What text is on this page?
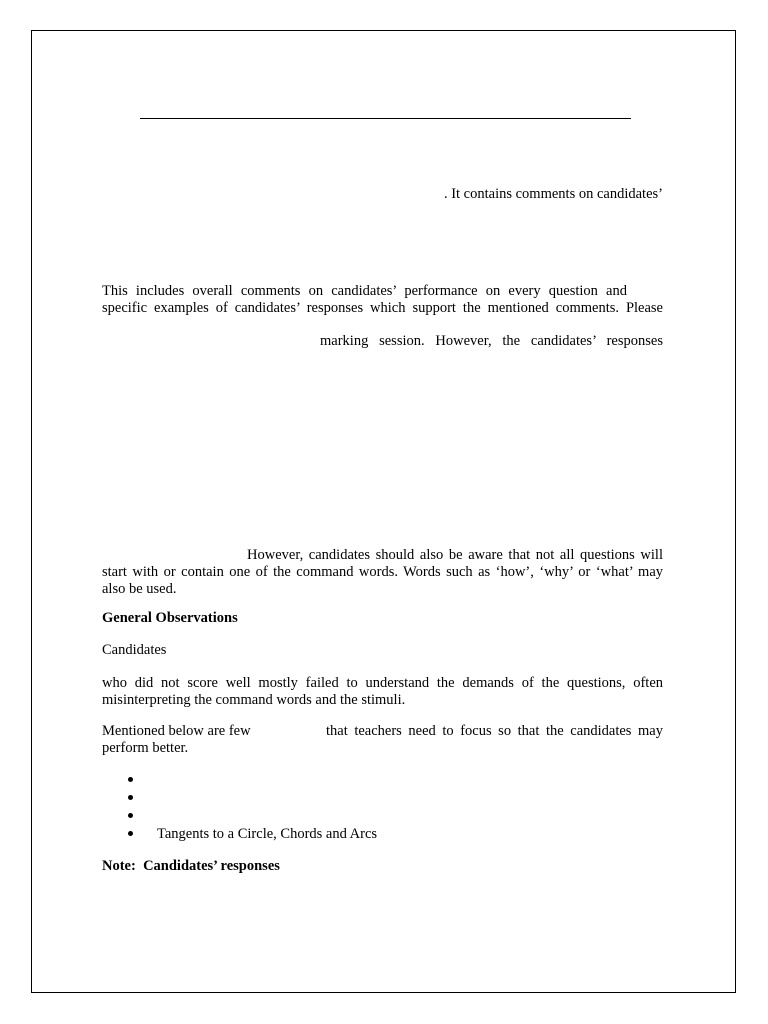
. It contains comments on candidates’

This includes overall comments on candidates’ performance on every question and

specific examples of candidates’ responses which support the mentioned comments. Please

marking session. However, the candidates’ responses

However, candidates should also be aware that not all questions will

start with or contain one of the command words. Words such as ‘how’, ‘why’ or ‘what’ may

also be used.

General Observations

Candidates

who did not score well mostly failed to understand the demands of the questions, often

misinterpreting the command words and the stimuli.

Mentioned below are few	that teachers need to focus so that the candidates may

perform better.

Tangents to a Circle, Chords and Arcs

Note: Candidates’ responses
